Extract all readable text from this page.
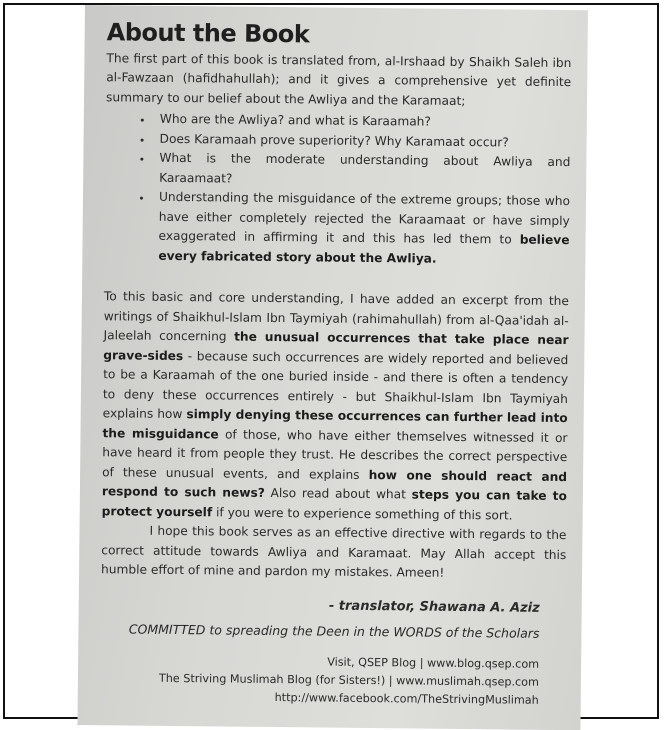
About the Book

The first part of this book is translated from, al-Irshaad by Shaikh Saleh ibn al-Fawzaan (hafidhahullah); and it gives a comprehensive yet definite summary to our belief about the Awliya and the Karamaat;

• Who are the Awliya? and what is Karaamah?
• Does Karamaah prove superiority? Why Karamaat occur?
• What is the moderate understanding about Awliya and Karaamaat?
• Understanding the misguidance of the extreme groups; those who have either completely rejected the Karaamaat or have simply exaggerated in affirming it and this has led them to believe every fabricated story about the Awliya.

To this basic and core understanding, I have added an excerpt from the writings of Shaikhul-Islam Ibn Taymiyah (rahimahullah) from al-Qaa'idah al-Jaleelah concerning the unusual occurrences that take place near grave-sides - because such occurrences are widely reported and believed to be a Karaamah of the one buried inside - and there is often a tendency to deny these occurrences entirely - but Shaikhul-Islam Ibn Taymiyah explains how simply denying these occurrences can further lead into the misguidance of those, who have either themselves witnessed it or have heard it from people they trust. He describes the correct perspective of these unusual events, and explains how one should react and respond to such news? Also read about what steps you can take to protect yourself if you were to experience something of this sort.

I hope this book serves as an effective directive with regards to the correct attitude towards Awliya and Karamaat. May Allah accept this humble effort of mine and pardon my mistakes. Ameen!

- translator, Shawana A. Aziz
COMMITTED to spreading the Deen in the WORDS of the Scholars
Visit, QSEP Blog | www.blog.qsep.com
The Striving Muslimah Blog (for Sisters!) | www.muslimah.qsep.com
http://www.facebook.com/TheStrivingMuslimah
